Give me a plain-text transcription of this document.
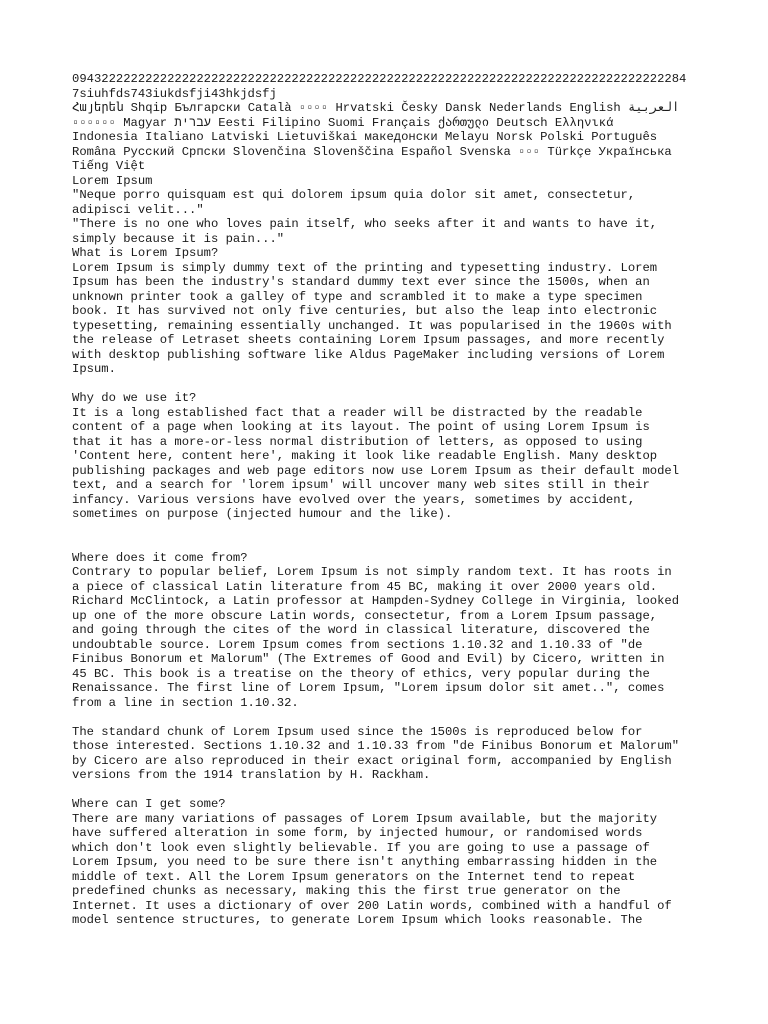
094322222222222222222222222222222222222222222222222222222222222222222222222222222284
7siuhfds743iukdsfji43hkjdsfj
Հայերեն Shqip Български Català ▫▫▫▫ Hrvatski Česky Dansk Nederlands English العربية
▫▫▫▫▫▫ Magyar עברית Eesti Filipino Suomi Français ქართული Deutsch Ελληνικά
Indonesia Italiano Latviski Lietuviškai македонски Melayu Norsk Polski Português
Româna Русский Српски Slovenčina Slovenščina Español Svenska ▫▫▫ Türkçe Українська
Tiếng Việt
Lorem Ipsum
"Neque porro quisquam est qui dolorem ipsum quia dolor sit amet, consectetur,
adipisci velit..."
"There is no one who loves pain itself, who seeks after it and wants to have it,
simply because it is pain..."
What is Lorem Ipsum?
Lorem Ipsum is simply dummy text of the printing and typesetting industry. Lorem
Ipsum has been the industry's standard dummy text ever since the 1500s, when an
unknown printer took a galley of type and scrambled it to make a type specimen
book. It has survived not only five centuries, but also the leap into electronic
typesetting, remaining essentially unchanged. It was popularised in the 1960s with
the release of Letraset sheets containing Lorem Ipsum passages, and more recently
with desktop publishing software like Aldus PageMaker including versions of Lorem
Ipsum.
Why do we use it?
It is a long established fact that a reader will be distracted by the readable
content of a page when looking at its layout. The point of using Lorem Ipsum is
that it has a more-or-less normal distribution of letters, as opposed to using
'Content here, content here', making it look like readable English. Many desktop
publishing packages and web page editors now use Lorem Ipsum as their default model
text, and a search for 'lorem ipsum' will uncover many web sites still in their
infancy. Various versions have evolved over the years, sometimes by accident,
sometimes on purpose (injected humour and the like).
Where does it come from?
Contrary to popular belief, Lorem Ipsum is not simply random text. It has roots in
a piece of classical Latin literature from 45 BC, making it over 2000 years old.
Richard McClintock, a Latin professor at Hampden-Sydney College in Virginia, looked
up one of the more obscure Latin words, consectetur, from a Lorem Ipsum passage,
and going through the cites of the word in classical literature, discovered the
undoubtable source. Lorem Ipsum comes from sections 1.10.32 and 1.10.33 of "de
Finibus Bonorum et Malorum" (The Extremes of Good and Evil) by Cicero, written in
45 BC. This book is a treatise on the theory of ethics, very popular during the
Renaissance. The first line of Lorem Ipsum, "Lorem ipsum dolor sit amet..", comes
from a line in section 1.10.32.
The standard chunk of Lorem Ipsum used since the 1500s is reproduced below for
those interested. Sections 1.10.32 and 1.10.33 from "de Finibus Bonorum et Malorum"
by Cicero are also reproduced in their exact original form, accompanied by English
versions from the 1914 translation by H. Rackham.
Where can I get some?
There are many variations of passages of Lorem Ipsum available, but the majority
have suffered alteration in some form, by injected humour, or randomised words
which don't look even slightly believable. If you are going to use a passage of
Lorem Ipsum, you need to be sure there isn't anything embarrassing hidden in the
middle of text. All the Lorem Ipsum generators on the Internet tend to repeat
predefined chunks as necessary, making this the first true generator on the
Internet. It uses a dictionary of over 200 Latin words, combined with a handful of
model sentence structures, to generate Lorem Ipsum which looks reasonable. The
